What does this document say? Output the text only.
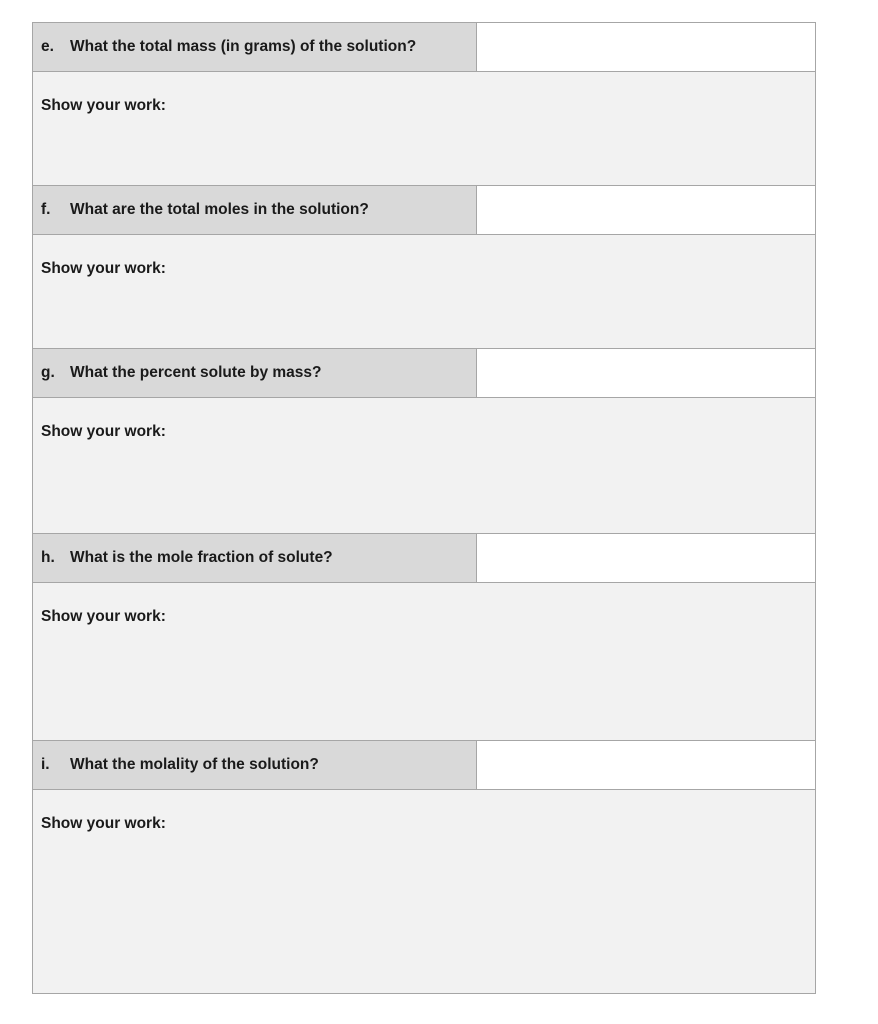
e.	What the total mass (in grams) of the solution?
Show your work:
f.	What are the total moles in the solution?
Show your work:
g. What the percent solute by mass?
Show your work:
h. What is the mole fraction of solute?
Show your work:
i.	What the molality of the solution?
Show your work:
